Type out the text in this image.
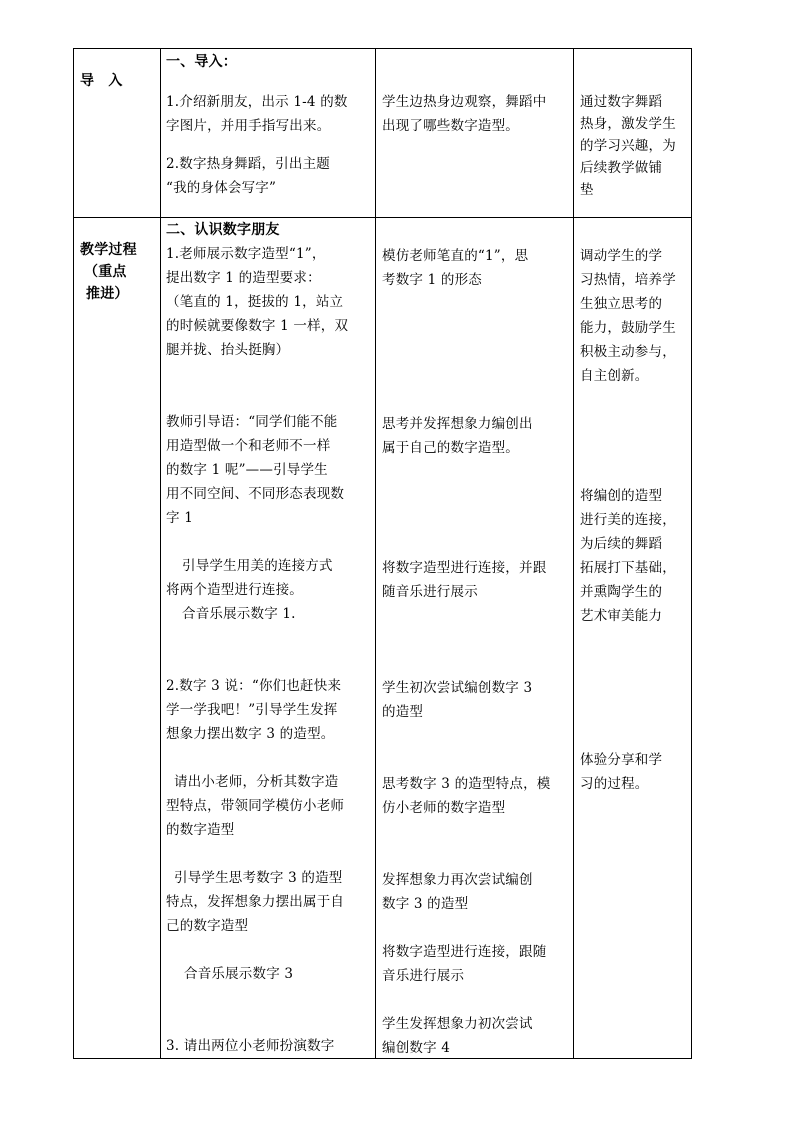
导　入
一、导入：
1.介绍新朋友，出示 1-4 的数
字图片，并用手指写出来。
2.数字热身舞蹈，引出主题
“我的身体会写字”
学生边热身边观察，舞蹈中
出现了哪些数字造型。
通过数字舞蹈
热身，激发学生
的学习兴趣，为
后续教学做铺
垫
教学过程
（重点
推进）
二、认识数字朋友
1.老师展示数字造型“1”，
提出数字 1 的造型要求：
（笔直的 1，挺拔的 1，站立
的时候就要像数字 1 一样，双
腿并拢、抬头挺胸）
教师引导语：“同学们能不能
用造型做一个和老师不一样
的数字 1 呢”——引导学生
用不同空间、不同形态表现数
字 1
引导学生用美的连接方式
将两个造型进行连接。
合音乐展示数字 1.
2.数字 3 说：“你们也赶快来
学一学我吧！”引导学生发挥
想象力摆出数字 3 的造型。
请出小老师，分析其数字造
型特点，带领同学模仿小老师
的数字造型
引导学生思考数字 3 的造型
特点，发挥想象力摆出属于自
己的数字造型
合音乐展示数字 3
3. 请出两位小老师扮演数字
模仿老师笔直的“1”，思
考数字 1 的形态
思考并发挥想象力编创出
属于自己的数字造型。
将数字造型进行连接，并跟
随音乐进行展示
学生初次尝试编创数字 3
的造型
思考数字 3 的造型特点，模
仿小老师的数字造型
发挥想象力再次尝试编创
数字 3 的造型
将数字造型进行连接，跟随
音乐进行展示
学生发挥想象力初次尝试
编创数字 4
调动学生的学
习热情，培养学
生独立思考的
能力，鼓励学生
积极主动参与，
自主创新。
将编创的造型
进行美的连接，
为后续的舞蹈
拓展打下基础，
并熏陶学生的
艺术审美能力
体验分享和学
习的过程。
